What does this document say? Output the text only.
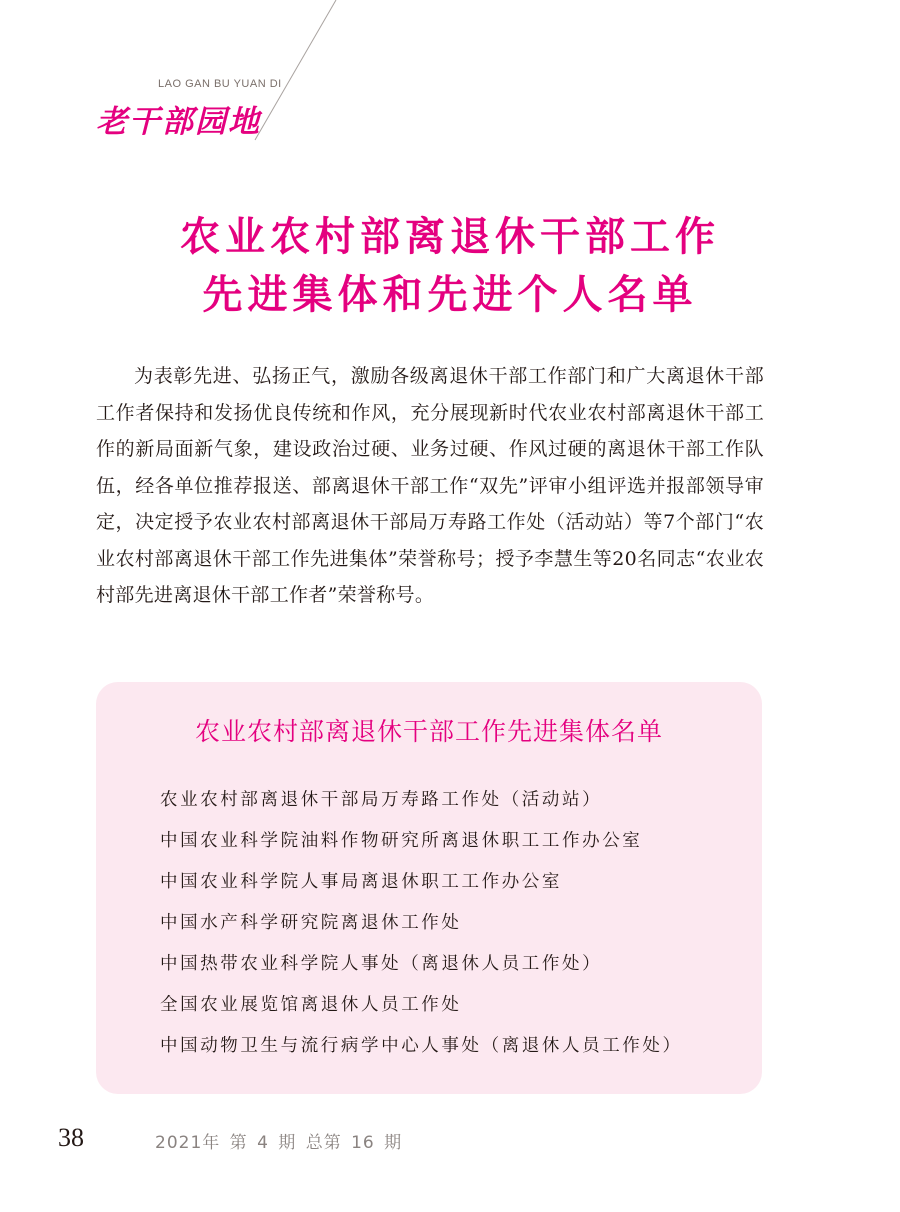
LAO GAN BU YUAN DI
老干部园地
农业农村部离退休干部工作
先进集体和先进个人名单

为表彰先进、弘扬正气，激励各级离退休干部工作部门和广大离退休干部工作者保持和发扬优良传统和作风，充分展现新时代农业农村部离退休干部工作的新局面新气象，建设政治过硬、业务过硬、作风过硬的离退休干部工作队伍，经各单位推荐报送、部离退休干部工作“双先”评审小组评选并报部领导审定，决定授予农业农村部离退休干部局万寿路工作处（活动站）等7个部门“农业农村部离退休干部工作先进集体”荣誉称号；授予李慧生等20名同志“农业农村部先进离退休干部工作者”荣誉称号。

农业农村部离退休干部工作先进集体名单
农业农村部离退休干部局万寿路工作处（活动站）
中国农业科学院油料作物研究所离退休职工工作办公室
中国农业科学院人事局离退休职工工作办公室
中国水产科学研究院离退休工作处
中国热带农业科学院人事处（离退休人员工作处）
全国农业展览馆离退休人员工作处
中国动物卫生与流行病学中心人事处（离退休人员工作处）
38	2021年 第 4 期 总第 16 期
